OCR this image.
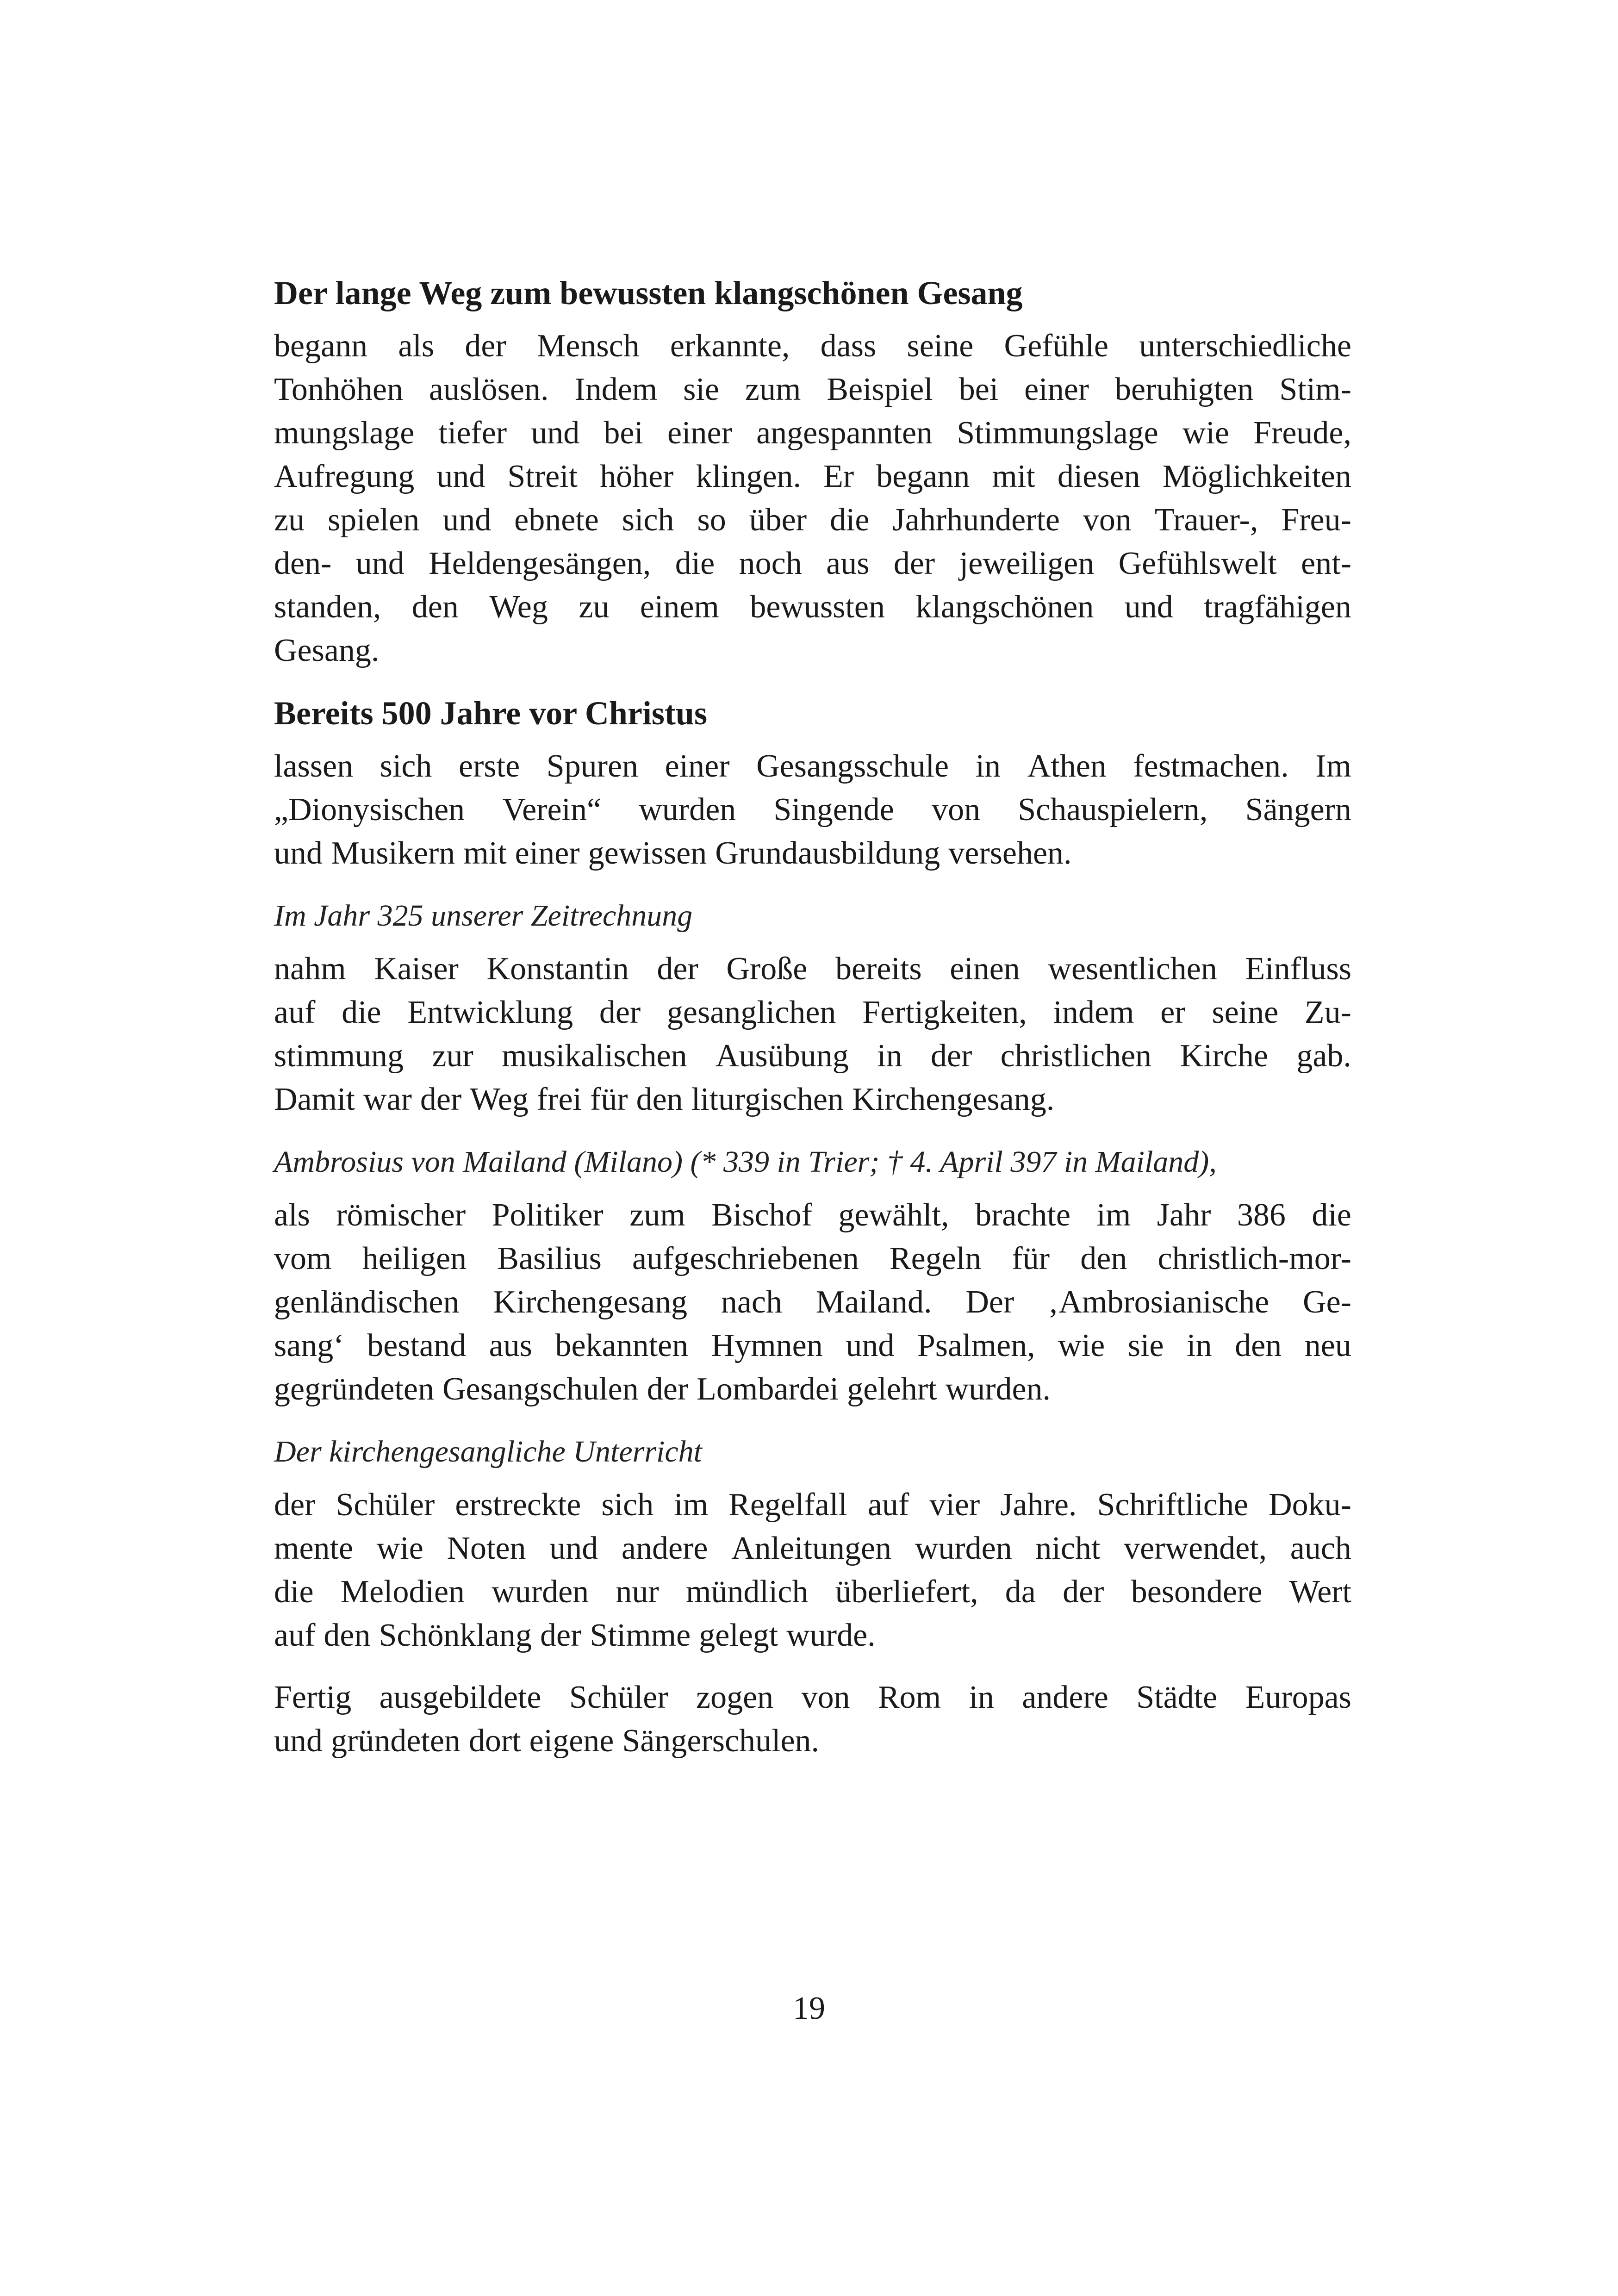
Der lange Weg zum bewussten klangschönen Gesang
begann als der Mensch erkannte, dass seine Gefühle unterschiedliche
Tonhöhen auslösen. Indem sie zum Beispiel bei einer beruhigten Stim-
mungslage tiefer und bei einer angespannten Stimmungslage wie Freude,
Aufregung und Streit höher klingen. Er begann mit diesen Möglichkeiten
zu spielen und ebnete sich so über die Jahrhunderte von Trauer-, Freu-
den- und Heldengesängen, die noch aus der jeweiligen Gefühlswelt ent-
standen, den Weg zu einem bewussten klangschönen und tragfähigen
Gesang.
Bereits 500 Jahre vor Christus
lassen sich erste Spuren einer Gesangsschule in Athen festmachen. Im
„Dionysischen Verein“ wurden Singende von Schauspielern, Sängern
und Musikern mit einer gewissen Grundausbildung versehen.
Im Jahr 325 unserer Zeitrechnung
nahm Kaiser Konstantin der Große bereits einen wesentlichen Einfluss
auf die Entwicklung der gesanglichen Fertigkeiten, indem er seine Zu-
stimmung zur musikalischen Ausübung in der christlichen Kirche gab.
Damit war der Weg frei für den liturgischen Kirchengesang.
Ambrosius von Mailand (Milano) (* 339 in Trier; † 4. April 397 in Mailand),
als römischer Politiker zum Bischof gewählt, brachte im Jahr 386 die
vom heiligen Basilius aufgeschriebenen Regeln für den christlich-mor-
genländischen Kirchengesang nach Mailand. Der ‚Ambrosianische Ge-
sang‘ bestand aus bekannten Hymnen und Psalmen, wie sie in den neu
gegründeten Gesangschulen der Lombardei gelehrt wurden.
Der kirchengesangliche Unterricht
der Schüler erstreckte sich im Regelfall auf vier Jahre. Schriftliche Doku-
mente wie Noten und andere Anleitungen wurden nicht verwendet, auch
die Melodien wurden nur mündlich überliefert, da der besondere Wert
auf den Schönklang der Stimme gelegt wurde.
Fertig ausgebildete Schüler zogen von Rom in andere Städte Europas
und gründeten dort eigene Sängerschulen.
19
